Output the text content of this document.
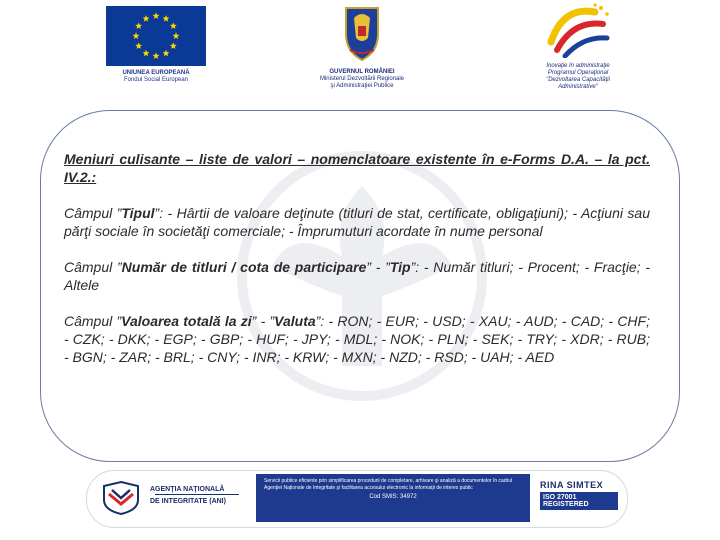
UNIUNEA EUROPEANĂ
Fondul Social European
GUVERNUL ROMÂNIEI
Ministerul Dezvoltării Regionale
şi Administraţiei Publice
Inovaţie în administraţie
Programul Operaţional
"Dezvoltarea Capacităţii
Administrative"

Meniuri culisante – liste de valori – nomenclatoare existente în e-Forms D.A. – la pct. IV.2.:

Câmpul ”Tipul”: - Hârtii de valoare deţinute (titluri de stat, certificate, obligaţiuni); - Acţiuni sau părţi sociale în societăţi comerciale; - Împrumuturi acordate în nume personal

Câmpul ”Număr de titluri / cota de participare” - ”Tip”: - Număr titluri; - Procent; - Fracţie; - Altele

Câmpul ”Valoarea totală la zi” - ”Valuta”: - RON; - EUR; - USD; - XAU; - AUD; - CAD; - CHF; - CZK; - DKK; - EGP; - GBP; - HUF; - JPY; - MDL; - NOK; - PLN; - SEK; - TRY; - XDR; - RUB; - BGN; - ZAR; - BRL; - CNY; - INR; - KRW; - MXN; - NZD; - RSD; - UAH; - AED

AGENŢIA NAŢIONALĂ
DE INTEGRITATE (ANI)
Servicii publice eficiente prin simplificarea procedurii de completare, arhivare şi analiză a documentelor în cadrul Agenţiei Naţionale de Integritate şi facilitarea accesului electronic la informaţii de interes public
Cod SMIS: 34972
RINA SIMTEX
ISO 27001 REGISTERED
